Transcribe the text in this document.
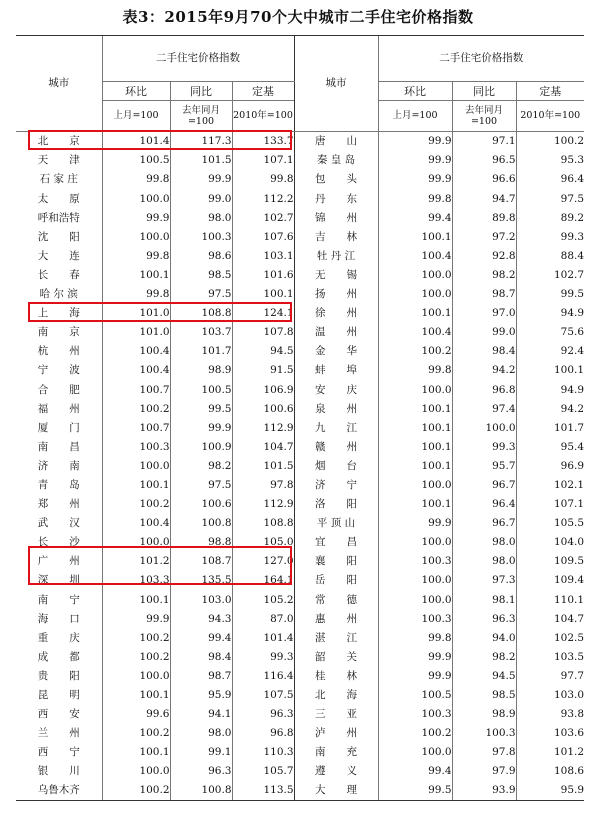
表3：2015年9月70个大中城市二手住宅价格指数
城市	二手住宅价格指数			城市	二手住宅价格指数		
	环比	同比	定基		环比	同比	定基
	上月=100	去年同月=100	2010年=100		上月=100	去年同月=100	2010年=100
北　　京	101.4	117.3	133.7	唐　　山	99.9	97.1	100.2
天　　津	100.5	101.5	107.1	秦 皇 岛	99.9	96.5	95.3
石 家 庄	99.8	99.9	99.8	包　　头	99.9	96.6	96.4
太　　原	100.0	99.0	112.2	丹　　东	99.8	94.7	97.5
呼和浩特	99.9	98.0	102.7	锦　　州	99.4	89.8	89.2
沈　　阳	100.0	100.3	107.6	吉　　林	100.1	97.2	99.3
大　　连	99.8	98.6	103.1	牡 丹 江	100.4	92.8	88.4
长　　春	100.1	98.5	101.6	无　　锡	100.0	98.2	102.7
哈 尔 滨	99.8	97.5	100.1	扬　　州	100.0	98.7	99.5
上　　海	101.0	108.8	124.1	徐　　州	100.1	97.0	94.9
南　　京	101.0	103.7	107.8	温　　州	100.4	99.0	75.6
杭　　州	100.4	101.7	94.5	金　　华	100.2	98.4	92.4
宁　　波	100.4	98.9	91.5	蚌　　埠	99.8	94.2	100.1
合　　肥	100.7	100.5	106.9	安　　庆	100.0	96.8	94.9
福　　州	100.2	99.5	100.6	泉　　州	100.1	97.4	94.2
厦　　门	100.7	99.9	112.9	九　　江	100.1	100.0	101.7
南　　昌	100.3	100.9	104.7	赣　　州	100.1	99.3	95.4
济　　南	100.0	98.2	101.5	烟　　台	100.1	95.7	96.9
青　　岛	100.1	97.5	97.8	济　　宁	100.0	96.7	102.1
郑　　州	100.2	100.6	112.9	洛　　阳	100.1	96.4	107.1
武　　汉	100.4	100.8	108.8	平 顶 山	99.9	96.7	105.5
长　　沙	100.0	98.8	105.0	宜　　昌	100.0	98.0	104.0
广　　州	101.2	108.7	127.0	襄　　阳	100.3	98.0	109.5
深　　圳	103.3	135.5	164.1	岳　　阳	100.0	97.3	109.4
南　　宁	100.1	103.0	105.2	常　　德	100.0	98.1	110.1
海　　口	99.9	94.3	87.0	惠　　州	100.3	96.3	104.7
重　　庆	100.2	99.4	101.4	湛　　江	99.8	94.0	102.5
成　　都	100.2	98.4	99.3	韶　　关	99.9	98.2	103.5
贵　　阳	100.0	98.7	116.4	桂　　林	99.9	94.5	97.7
昆　　明	100.1	95.9	107.5	北　　海	100.5	98.5	103.0
西　　安	99.6	94.1	96.3	三　　亚	100.3	98.9	93.8
兰　　州	100.2	98.0	96.8	泸　　州	100.2	100.3	103.6
西　　宁	100.1	99.1	110.3	南　　充	100.0	97.8	101.2
银　　川	100.0	96.3	105.7	遵　　义	99.4	97.9	108.6
乌鲁木齐	100.2	100.8	113.5	大　　理	99.5	93.9	95.9
